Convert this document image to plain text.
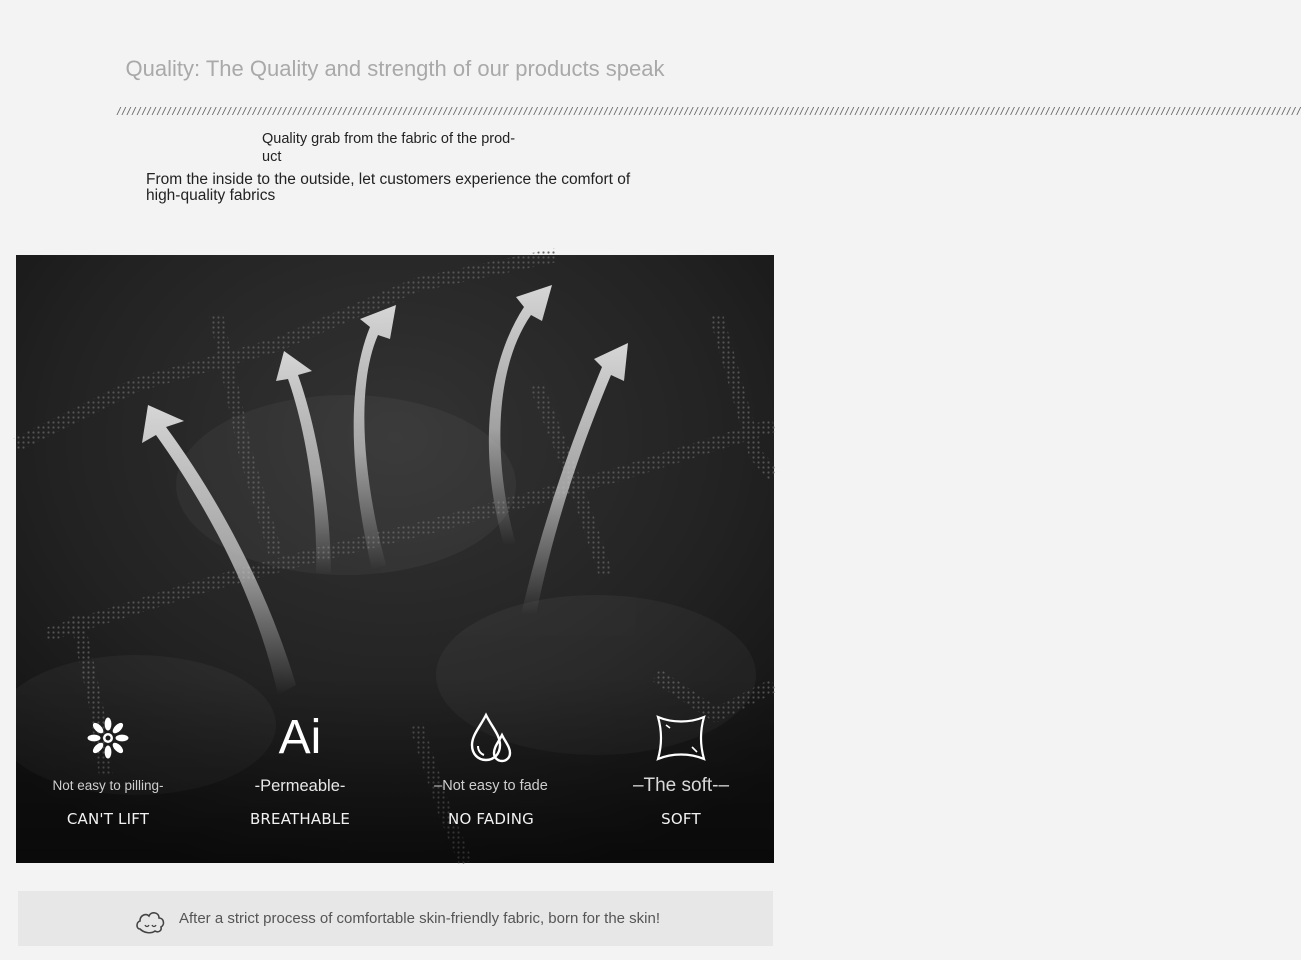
Quality: The Quality and strength of our products speak
////////////////////////////////////////////////////////////////////////////////////////////////////////////////////////////////////////////////////////////////////////////////////////////////////////////////////////////////////////////
Quality grab from the fabric of the prod-uct
From the inside to the outside, let customers experience the comfort of high-quality fabrics
Not easy to pilling-
CAN'T LIFT
Ai
-Permeable-
BREATHABLE
–Not easy to fade
NO FADING
–The soft-–
SOFT
After a strict process of comfortable skin-friendly fabric, born for the skin!
